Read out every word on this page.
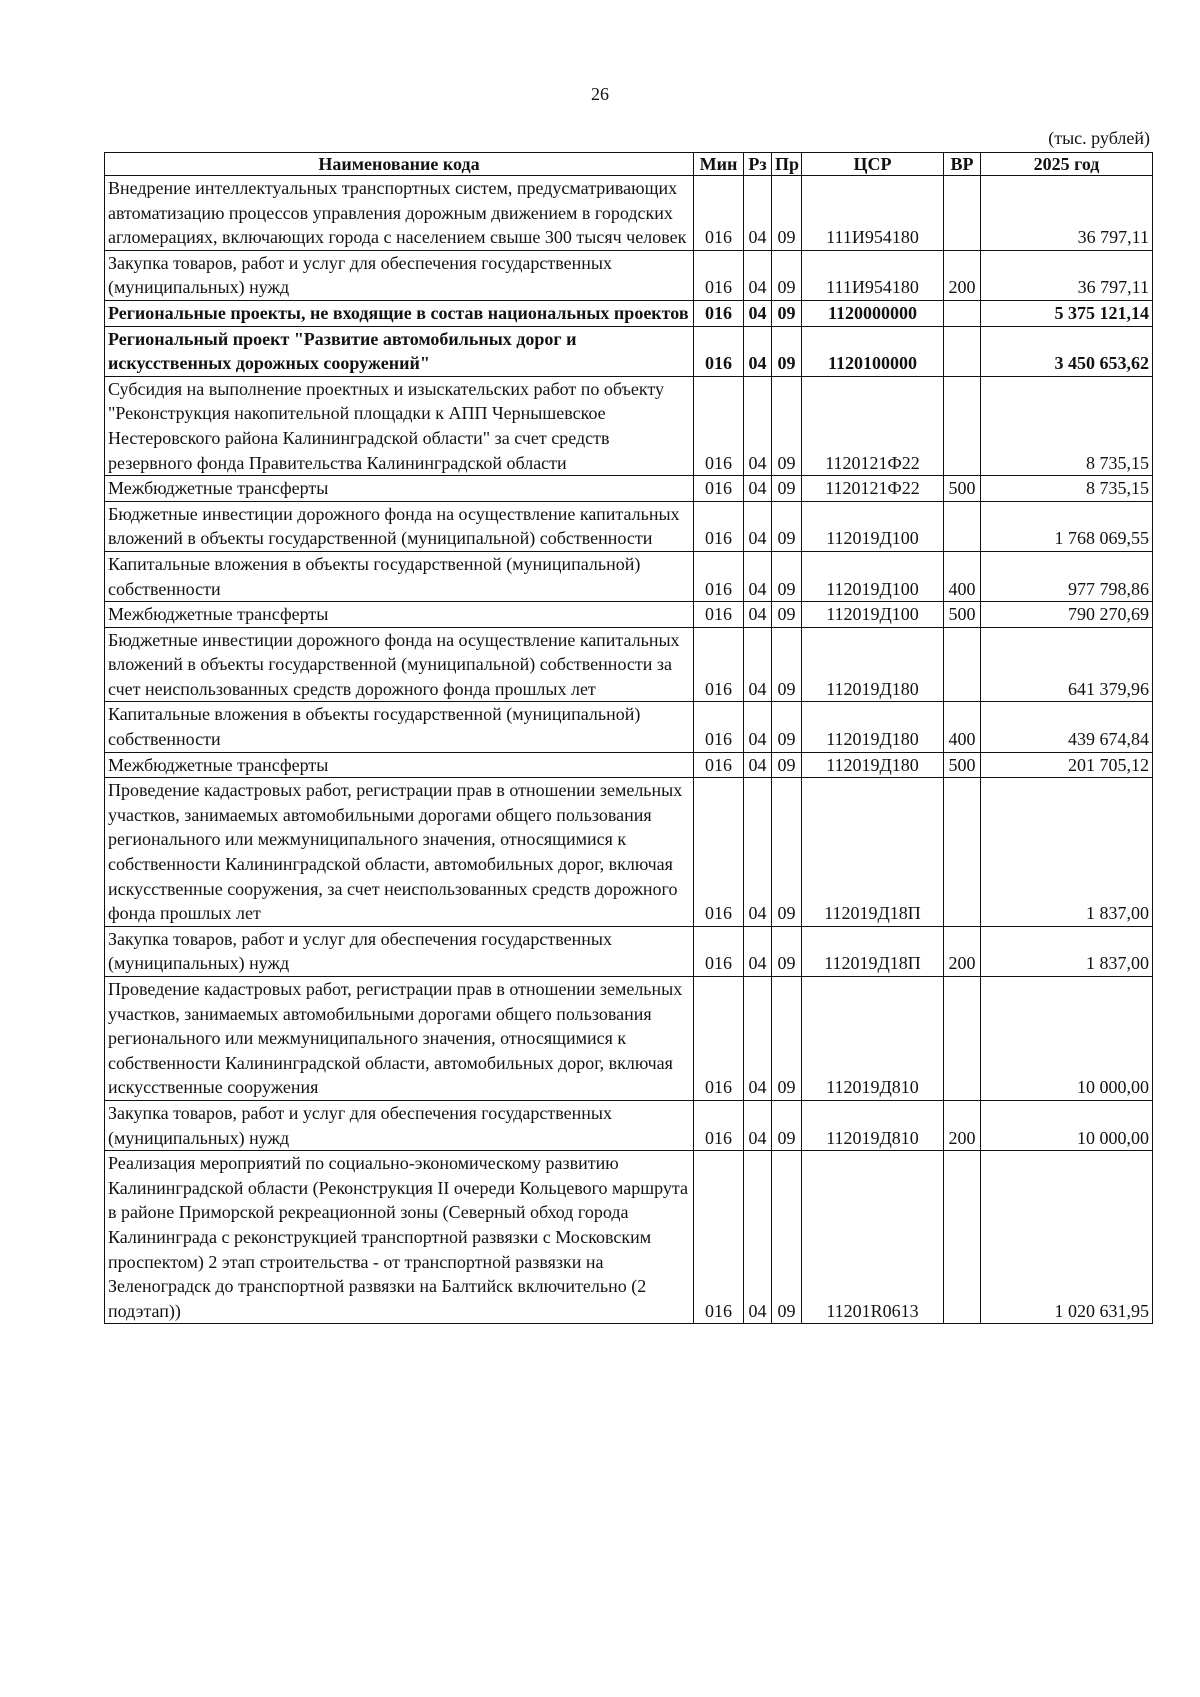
26
(тыс. рублей)
Наименование кода	Мин	Рз	Пр	ЦСР	ВР	2025 год
Внедрение интеллектуальных транспортных систем, предусматривающих автоматизацию процессов управления дорожным движением в городских агломерациях, включающих города с населением свыше 300 тысяч человек	016	04	09	111И954180		36 797,11
Закупка товаров, работ и услуг для обеспечения государственных (муниципальных) нужд	016	04	09	111И954180	200	36 797,11
Региональные проекты, не входящие в состав национальных проектов	016	04	09	1120000000		5 375 121,14
Региональный проект "Развитие автомобильных дорог и искусственных дорожных сооружений"	016	04	09	1120100000		3 450 653,62
Субсидия на выполнение проектных и изыскательских работ по объекту "Реконструкция накопительной площадки к АПП Чернышевское Нестеровского района Калининградской области" за счет средств резервного фонда Правительства Калининградской области	016	04	09	1120121Ф22		8 735,15
Межбюджетные трансферты	016	04	09	1120121Ф22	500	8 735,15
Бюджетные инвестиции дорожного фонда на осуществление капитальных вложений в объекты государственной (муниципальной) собственности	016	04	09	112019Д100		1 768 069,55
Капитальные вложения в объекты государственной (муниципальной) собственности	016	04	09	112019Д100	400	977 798,86
Межбюджетные трансферты	016	04	09	112019Д100	500	790 270,69
Бюджетные инвестиции дорожного фонда на осуществление капитальных вложений в объекты государственной (муниципальной) собственности за счет неиспользованных средств дорожного фонда прошлых лет	016	04	09	112019Д180		641 379,96
Капитальные вложения в объекты государственной (муниципальной) собственности	016	04	09	112019Д180	400	439 674,84
Межбюджетные трансферты	016	04	09	112019Д180	500	201 705,12
Проведение кадастровых работ, регистрации прав в отношении земельных участков, занимаемых автомобильными дорогами общего пользования регионального или межмуниципального значения, относящимися к собственности Калининградской области, автомобильных дорог, включая искусственные сооружения, за счет неиспользованных средств дорожного фонда прошлых лет	016	04	09	112019Д18П		1 837,00
Закупка товаров, работ и услуг для обеспечения государственных (муниципальных) нужд	016	04	09	112019Д18П	200	1 837,00
Проведение кадастровых работ, регистрации прав в отношении земельных участков, занимаемых автомобильными дорогами общего пользования регионального или межмуниципального значения, относящимися к собственности Калининградской области, автомобильных дорог, включая искусственные сооружения	016	04	09	112019Д810		10 000,00
Закупка товаров, работ и услуг для обеспечения государственных (муниципальных) нужд	016	04	09	112019Д810	200	10 000,00
Реализация мероприятий по социально-экономическому развитию Калининградской области (Реконструкция II очереди Кольцевого маршрута в районе Приморской рекреационной зоны (Северный обход города Калининграда с реконструкцией транспортной развязки с Московским проспектом) 2 этап строительства - от транспортной развязки на Зеленоградск до транспортной развязки на Балтийск включительно (2 подэтап))	016	04	09	11201R0613		1 020 631,95
